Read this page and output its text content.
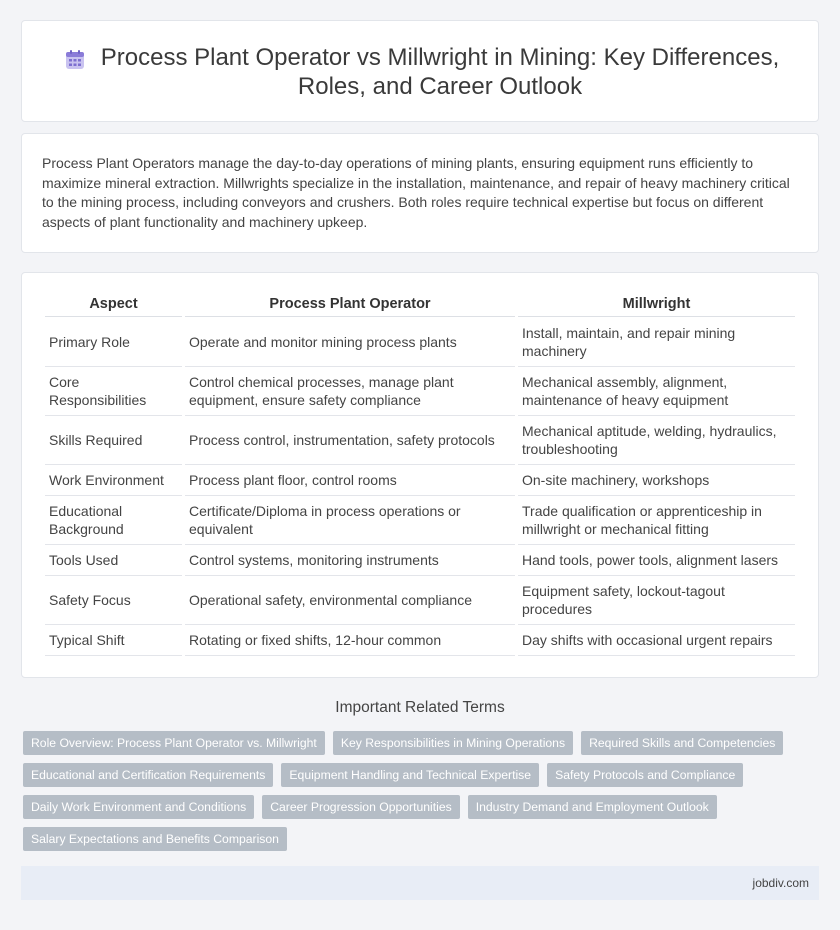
Process Plant Operator vs Millwright in Mining: Key Differences, Roles, and Career Outlook

Process Plant Operators manage the day-to-day operations of mining plants, ensuring equipment runs efficiently to maximize mineral extraction. Millwrights specialize in the installation, maintenance, and repair of heavy machinery critical to the mining process, including conveyors and crushers. Both roles require technical expertise but focus on different aspects of plant functionality and machinery upkeep.

Aspect	Process Plant Operator	Millwright
Primary Role	Operate and monitor mining process plants	Install, maintain, and repair mining machinery
Core Responsibilities	Control chemical processes, manage plant equipment, ensure safety compliance	Mechanical assembly, alignment, maintenance of heavy equipment
Skills Required	Process control, instrumentation, safety protocols	Mechanical aptitude, welding, hydraulics, troubleshooting
Work Environment	Process plant floor, control rooms	On-site machinery, workshops
Educational Background	Certificate/Diploma in process operations or equivalent	Trade qualification or apprenticeship in millwright or mechanical fitting
Tools Used	Control systems, monitoring instruments	Hand tools, power tools, alignment lasers
Safety Focus	Operational safety, environmental compliance	Equipment safety, lockout-tagout procedures
Typical Shift	Rotating or fixed shifts, 12-hour common	Day shifts with occasional urgent repairs
Important Related Terms
Role Overview: Process Plant Operator vs. Millwright	Key Responsibilities in Mining Operations	Required Skills and Competencies
Educational and Certification Requirements	Equipment Handling and Technical Expertise	Safety Protocols and Compliance
Daily Work Environment and Conditions	Career Progression Opportunities	Industry Demand and Employment Outlook
Salary Expectations and Benefits Comparison
jobdiv.com
